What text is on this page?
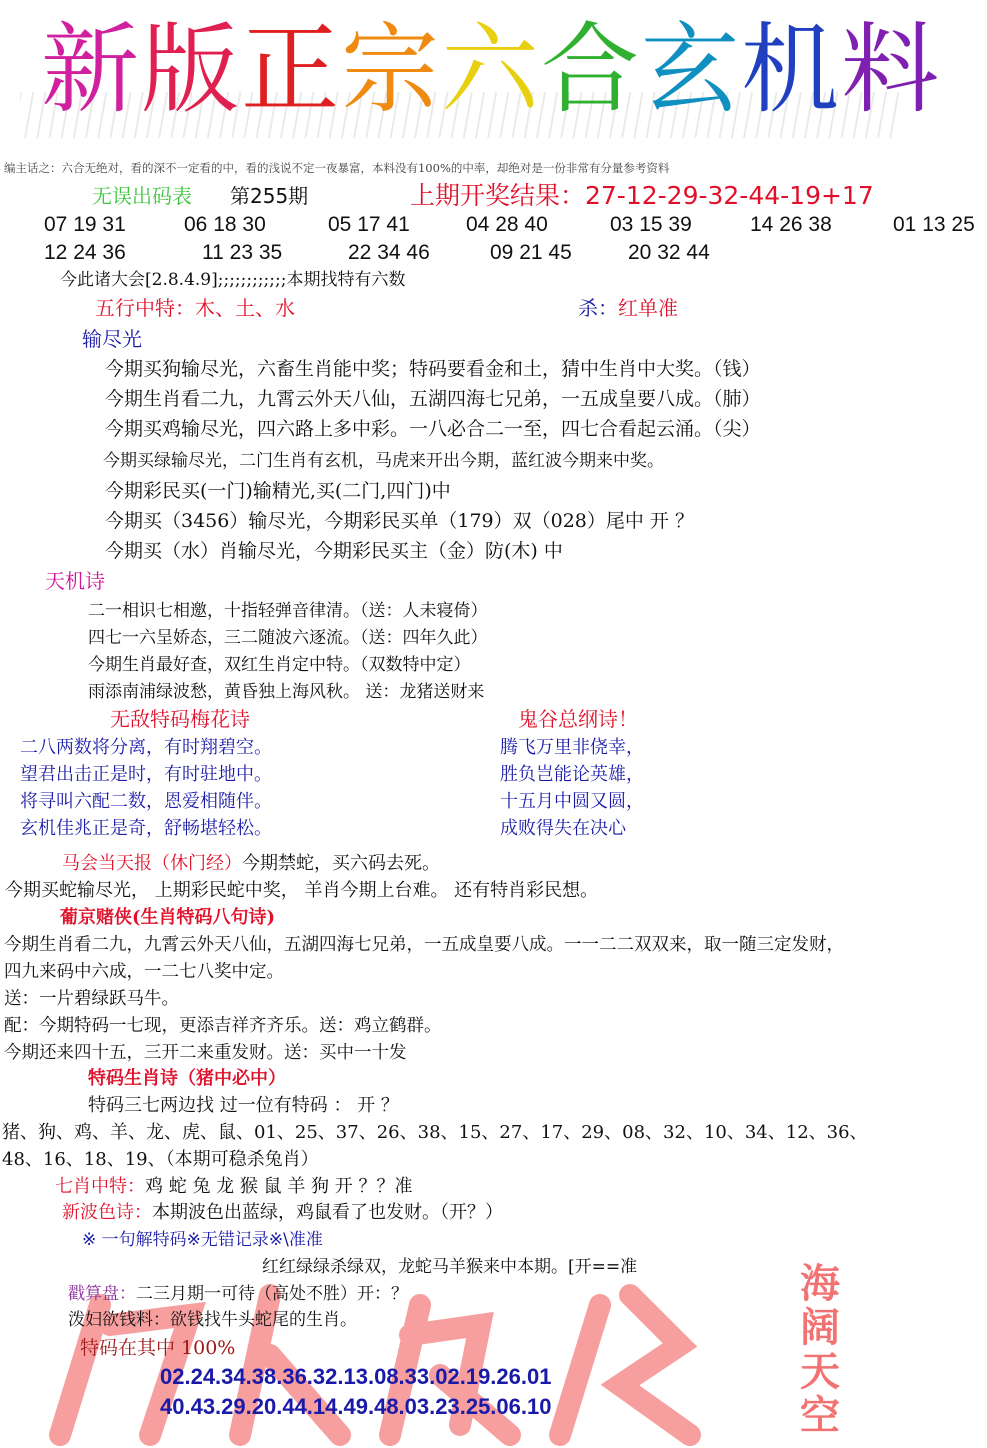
新版正宗六合玄机料
海阔天空
编主话之：六合无绝对，看的深不一定看的中，看的浅说不定一夜暴富，本料没有100%的中率，却绝对是一份非常有分量参考资料
无误出码表 第255期	上期开奖结果：27-12-29-32-44-19+17
07 19 31	06 18 30	05 17 41	04 28 40	03 15 39	14 26 38	01 13 25
12 24 36	11 23 35	22 34 46	09 21 45	20 32 44
今此诸大会[2.8.4.9];;;;;;;;;;;;本期找特有六数
五行中特：木、土、水	杀：红单准
输尽光
今期买狗输尽光，六畜生肖能中奖；特码要看金和土，猜中生肖中大奖。（钱）
今期生肖看二九，九霄云外天八仙，五湖四海七兄弟，一五成皇要八成。（肺）
今期买鸡输尽光，四六路上多中彩。一八必合二一至，四七合看起云涌。（尖）
今期买绿输尽光，二门生肖有玄机，马虎来开出今期，蓝红波今期来中奖。
今期彩民买(一门)输精光,买(二门,四门)中
今期买（3456）输尽光，今期彩民买单（179）双（028）尾中 开 ？
今期买（水）肖输尽光，今期彩民买主（金）防(木) 中
天机诗
二一相识七相邀，十指轻弹音律清。（送：人未寝倚）
四七一六呈娇态，三二随波六逐流。（送：四年久此）
今期生肖最好查，双红生肖定中特。（双数特中定）
雨添南浦绿波愁，黄昏独上海风秋。 送：龙猪送财来
无敌特码梅花诗	鬼谷总纲诗！
二八两数将分离，有时翔碧空。
望君出击正是时，有时驻地中。
将寻叫六配二数，恩爱相随伴。
玄机佳兆正是奇，舒畅堪轻松。
腾飞万里非侥幸，
胜负岂能论英雄，
十五月中圆又圆，
成败得失在决心
马会当天报（休门经）今期禁蛇，买六码去死。
今期买蛇输尽光， 上期彩民蛇中奖， 羊肖今期上台难。 还有特肖彩民想。
葡京赌侠(生肖特码八句诗)
今期生肖看二九，九霄云外天八仙，五湖四海七兄弟，一五成皇要八成。一一二二双双来，取一随三定发财，
四九来码中六成，一二七八奖中定。
送：一片碧绿跃马牛。
配：今期特码一七现，更添吉祥齐齐乐。送：鸡立鹤群。
今期还来四十五，三开二来重发财。送：买中一十发
特码生肖诗（猪中必中）
特码三七两边找 过一位有特码 ： 开 ？
猪、狗、鸡、羊、龙、虎、鼠、01、25、37、26、38、15、27、17、29、08、32、10、34、12、36、
48、16、18、19、（本期可稳杀兔肖）
七肖中特：鸡 蛇 兔 龙 猴 鼠 羊 狗 开 ？？准
新波色诗：本期波色出蓝绿，鸡鼠看了也发财。（开？）
※ 一句解特码※无错记录※\准准
红红绿绿杀绿双，龙蛇马羊猴来中本期。[开==准
戳算盘：二三月期一可待（高处不胜）开：？
泼妇欲钱料：欲钱找牛头蛇尾的生肖。
特码在其中 100%
02.24.34.38.36.32.13.08.33.02.19.26.01
40.43.29.20.44.14.49.48.03.23.25.06.10
